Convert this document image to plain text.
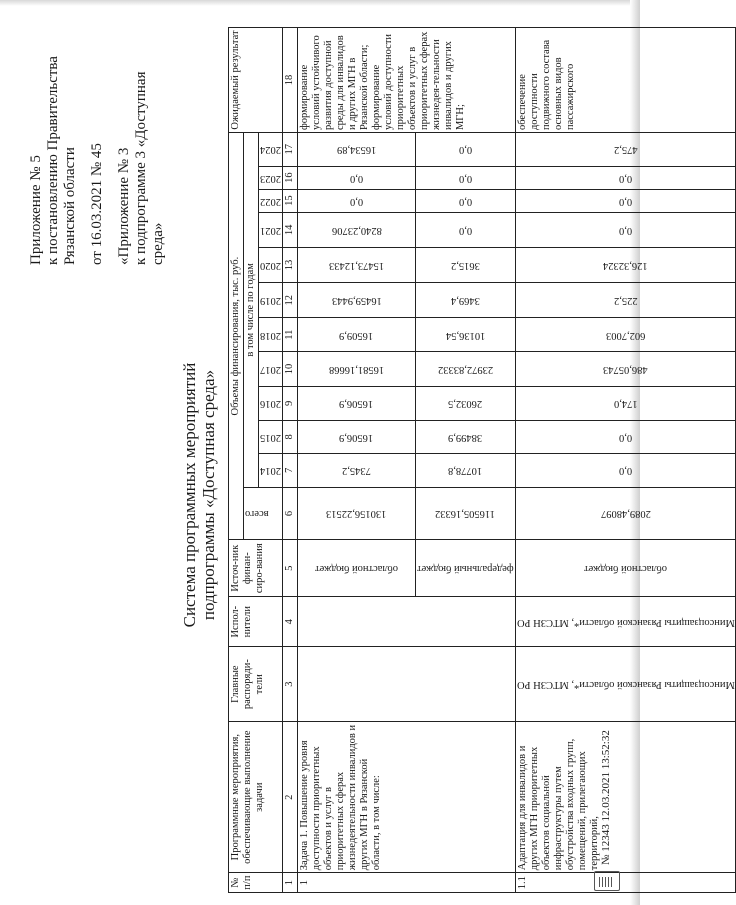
Приложение № 5 к постановлению Правительства Рязанской области от 16.03.2021 № 45 «Приложение № 3 к подпрограмме 3 «Доступная среда»
Система программных мероприятий подпрограммы «Доступная среда»
№ п/п	Программные мероприятия, обеспечивающие выполнение задачи	Главные распоряди-тели	Испол-нители	Источ-ник финан-сиро-вания	Объемы финансирования, тыс. руб.												Ожидаемый результат

					всего	в том числе по годам											

						2014	2015	2016	2017	2018	2019	2020	2021	2022	2023	2024	

1	2	3	4	5	6	7	8	9	10	11	12	13	14	15	16	17	18
1	Задача 1. Повышение уровня доступности приоритетных объектов и услуг в приоритетных сферах жизнедеятельности инвалидов и других МГН в Рязанской области, в том числе:			областной бюджет	130156,22513	7345,2	16506,9	16506,9	16581,16668	16509,9	16459,9443	15473,12433	8240,23706	0,0	0,0	16534,89	формирование условий устойчивого развития доступной среды для инвалидов и других МГН в Рязанской области; формирование условий доступности приоритетных объектов и услуг в приоритетных сферах жизнедея-тельности инвалидов и других МГН;

				федеральный бюджет	116505,16332	10778,8	38499,9	26032,5	23972,83332	10136,54	3469,4	3615,2	0,0	0,0	0,0	0,0	

1.1	Адаптация для инвалидов и других МГН приоритетных объектов социальной инфраструктуры путем обустройства входных групп, помещений, прилегающих территорий,	Минсоцзащиты Рязанской области*, МТСЗН РО	Минсоцзащиты Рязанской области*, МТСЗН РО	областной бюджет	2089,48097	0,0	0,0	174,0	486,05743	602,7003	225,2	126,32324	0,0	0,0	0,0	475,2	обеспечение доступности подвижного состава основных видов пассажирского
№ 12343 12.03.2021 13:52:32
